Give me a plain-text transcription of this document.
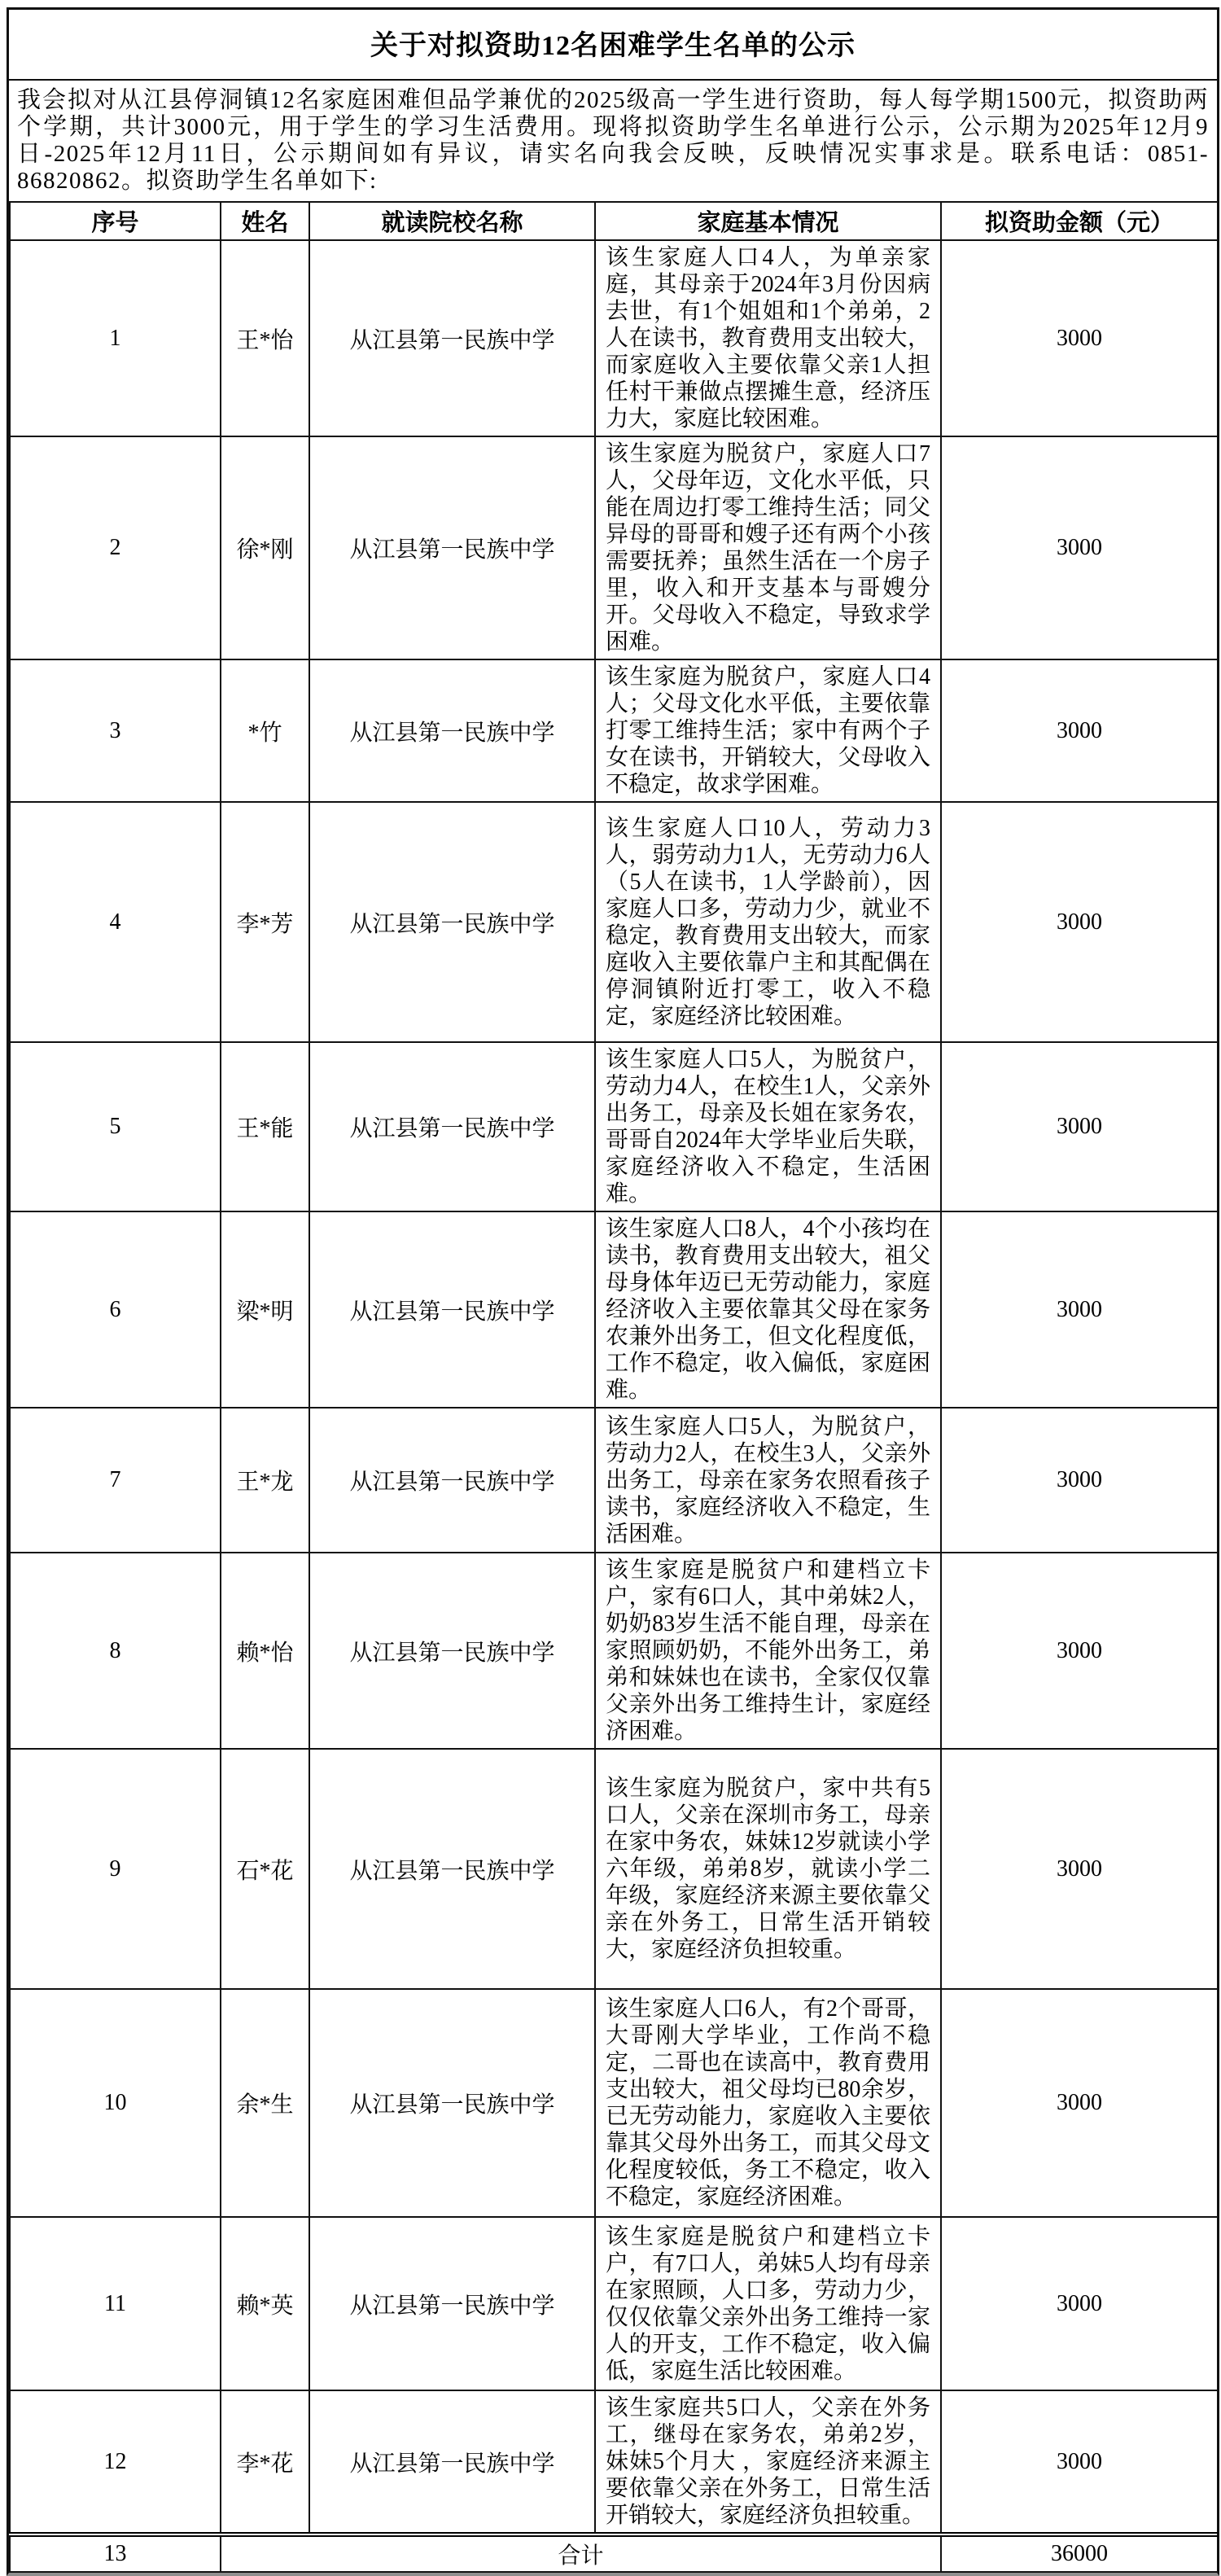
关于对拟资助12名困难学生名单的公示
我会拟对从江县停洞镇12名家庭困难但品学兼优的2025级高一学生进行资助，每人每学期1500元，拟资助两个学期，共计3000元，用于学生的学习生活费用。现将拟资助学生名单进行公示，公示期为2025年12月9日-2025年12月11日，公示期间如有异议，请实名向我会反映，反映情况实事求是。联系电话：0851-86820862。拟资助学生名单如下:
序号	姓名	就读院校名称	家庭基本情况	拟资助金额（元）
1	王*怡	从江县第一民族中学	该生家庭人口4人，为单亲家庭，其母亲于2024年3月份因病去世，有1个姐姐和1个弟弟，2人在读书，教育费用支出较大，而家庭收入主要依靠父亲1人担任村干兼做点摆摊生意，经济压力大，家庭比较困难。	3000
2	徐*刚	从江县第一民族中学	该生家庭为脱贫户，家庭人口7人，父母年迈，文化水平低，只能在周边打零工维持生活；同父异母的哥哥和嫂子还有两个小孩需要抚养；虽然生活在一个房子里，收入和开支基本与哥嫂分开。父母收入不稳定，导致求学困难。	3000
3	*竹	从江县第一民族中学	该生家庭为脱贫户，家庭人口4人；父母文化水平低，主要依靠打零工维持生活；家中有两个子女在读书，开销较大，父母收入不稳定，故求学困难。	3000
4	李*芳	从江县第一民族中学	该生家庭人口10人，劳动力3人，弱劳动力1人，无劳动力6人（5人在读书，1人学龄前），因家庭人口多，劳动力少，就业不稳定，教育费用支出较大，而家庭收入主要依靠户主和其配偶在停洞镇附近打零工，收入不稳定，家庭经济比较困难。	3000
5	王*能	从江县第一民族中学	该生家庭人口5人，为脱贫户，劳动力4人，在校生1人，父亲外出务工，母亲及长姐在家务农，哥哥自2024年大学毕业后失联，家庭经济收入不稳定，生活困难。	3000
6	梁*明	从江县第一民族中学	该生家庭人口8人，4个小孩均在读书，教育费用支出较大，祖父母身体年迈已无劳动能力，家庭经济收入主要依靠其父母在家务农兼外出务工，但文化程度低，工作不稳定，收入偏低，家庭困难。	3000
7	王*龙	从江县第一民族中学	该生家庭人口5人，为脱贫户，劳动力2人，在校生3人，父亲外出务工，母亲在家务农照看孩子读书，家庭经济收入不稳定，生活困难。	3000
8	赖*怡	从江县第一民族中学	该生家庭是脱贫户和建档立卡户，家有6口人，其中弟妹2人，奶奶83岁生活不能自理，母亲在家照顾奶奶，不能外出务工，弟弟和妹妹也在读书，全家仅仅靠父亲外出务工维持生计，家庭经济困难。	3000
9	石*花	从江县第一民族中学	该生家庭为脱贫户，家中共有5口人，父亲在深圳市务工，母亲在家中务农，妹妹12岁就读小学六年级，弟弟8岁，就读小学二年级，家庭经济来源主要依靠父亲在外务工，日常生活开销较大，家庭经济负担较重。	3000
10	余*生	从江县第一民族中学	该生家庭人口6人，有2个哥哥，大哥刚大学毕业，工作尚不稳定，二哥也在读高中，教育费用支出较大，祖父母均已80余岁，已无劳动能力，家庭收入主要依靠其父母外出务工，而其父母文化程度较低，务工不稳定，收入不稳定，家庭经济困难。	3000
11	赖*英	从江县第一民族中学	该生家庭是脱贫户和建档立卡户，有7口人，弟妹5人均有母亲在家照顾，人口多，劳动力少，仅仅依靠父亲外出务工维持一家人的开支，工作不稳定，收入偏低，家庭生活比较困难。	3000
12	李*花	从江县第一民族中学	该生家庭共5口人，父亲在外务工，继母在家务农，弟弟2岁，妹妹5个月大 ，家庭经济来源主要依靠父亲在外务工，日常生活开销较大，家庭经济负担较重。	3000
13	合计			36000
